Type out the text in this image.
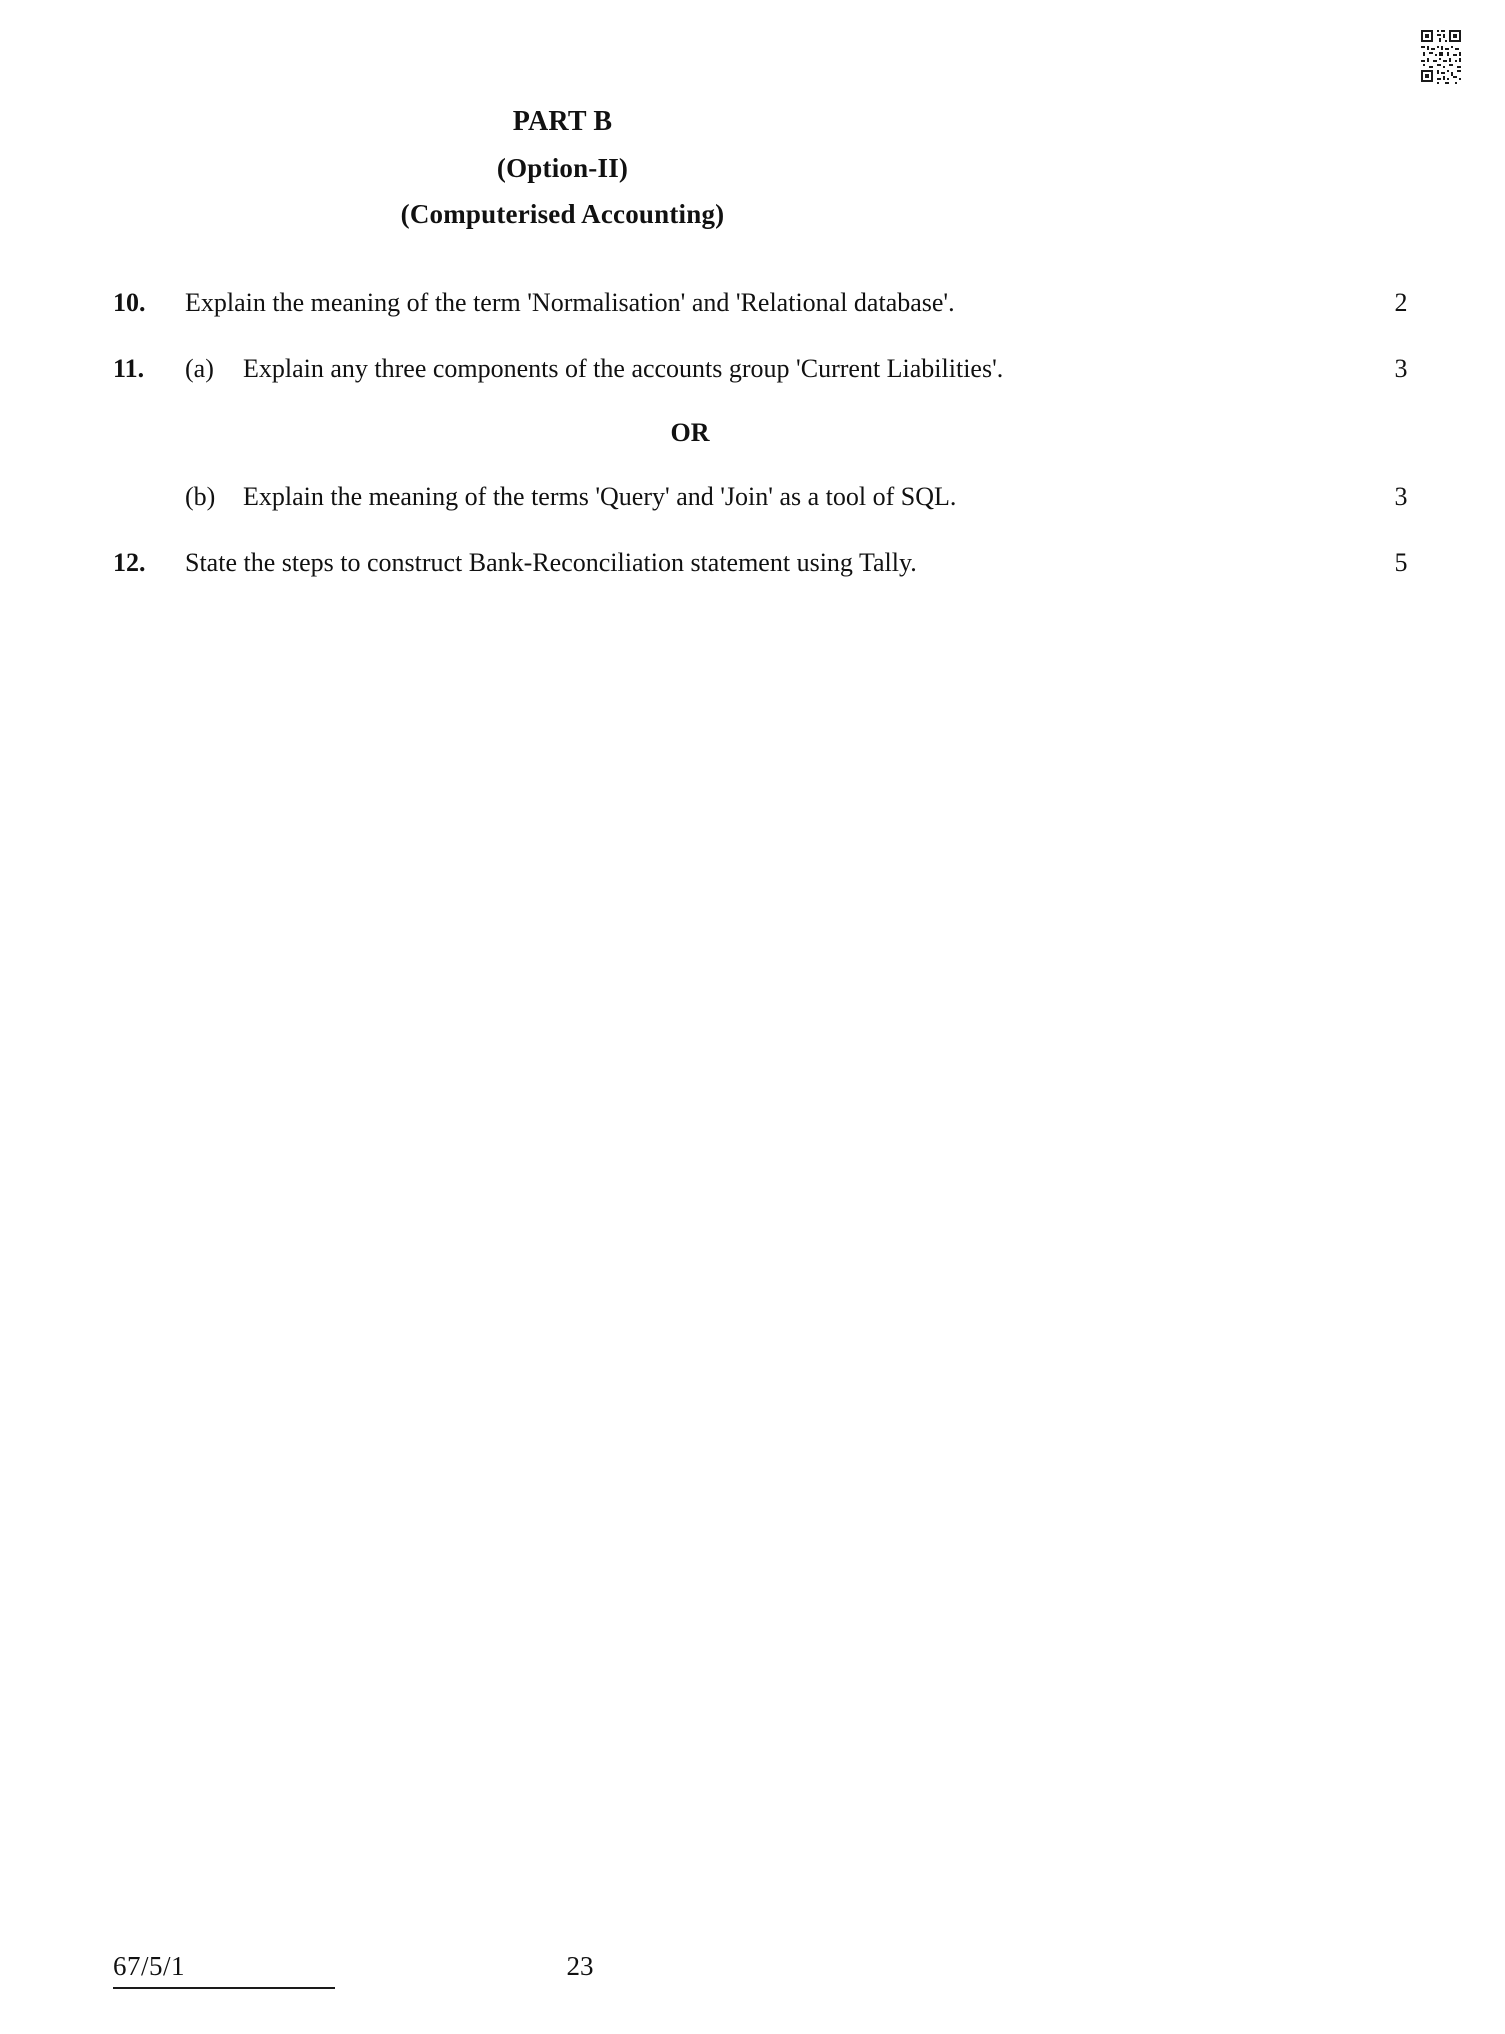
PART B
(Option-II)
(Computerised Accounting)
10.	Explain the meaning of the term 'Normalisation' and 'Relational database'.	2
11.	(a)	Explain any three components of the accounts group 'Current Liabilities'.	3
OR
(b)	Explain the meaning of the terms 'Query' and 'Join' as a tool of SQL.	3
12.	State the steps to construct Bank-Reconciliation statement using Tally.	5
67/5/1	23
